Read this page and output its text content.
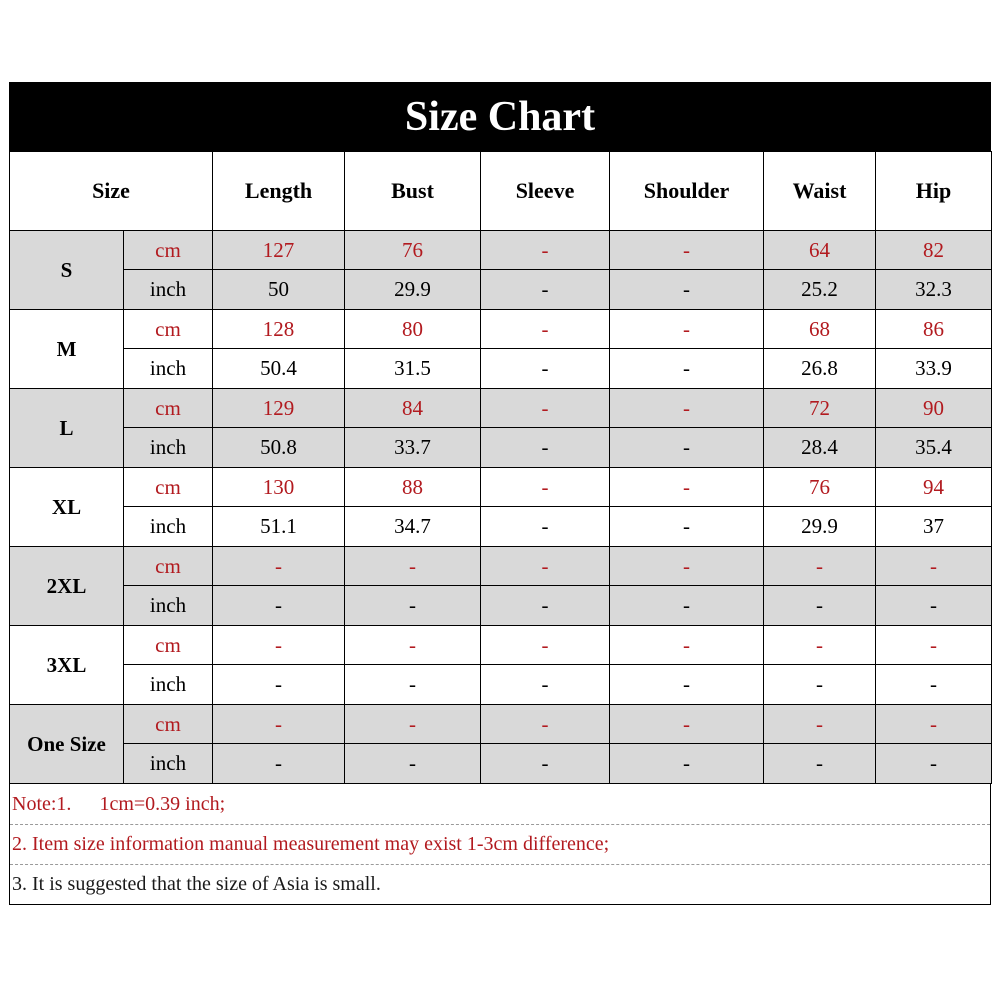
Size Chart
Size		Length	Bust	Sleeve	Shoulder	Waist	Hip
S	cm	127	76	-	-	64	82
	inch	50	29.9	-	-	25.2	32.3
M	cm	128	80	-	-	68	86
	inch	50.4	31.5	-	-	26.8	33.9
L	cm	129	84	-	-	72	90
	inch	50.8	33.7	-	-	28.4	35.4
XL	cm	130	88	-	-	76	94
	inch	51.1	34.7	-	-	29.9	37
2XL	cm	-	-	-	-	-	-
	inch	-	-	-	-	-	-
3XL	cm	-	-	-	-	-	-
	inch	-	-	-	-	-	-
One Size	cm	-	-	-	-	-	-
	inch	-	-	-	-	-	-
Note:1. 1cm=0.39 inch;
2. Item size information manual measurement may exist 1-3cm difference;
3. It is suggested that the size of Asia is small.
